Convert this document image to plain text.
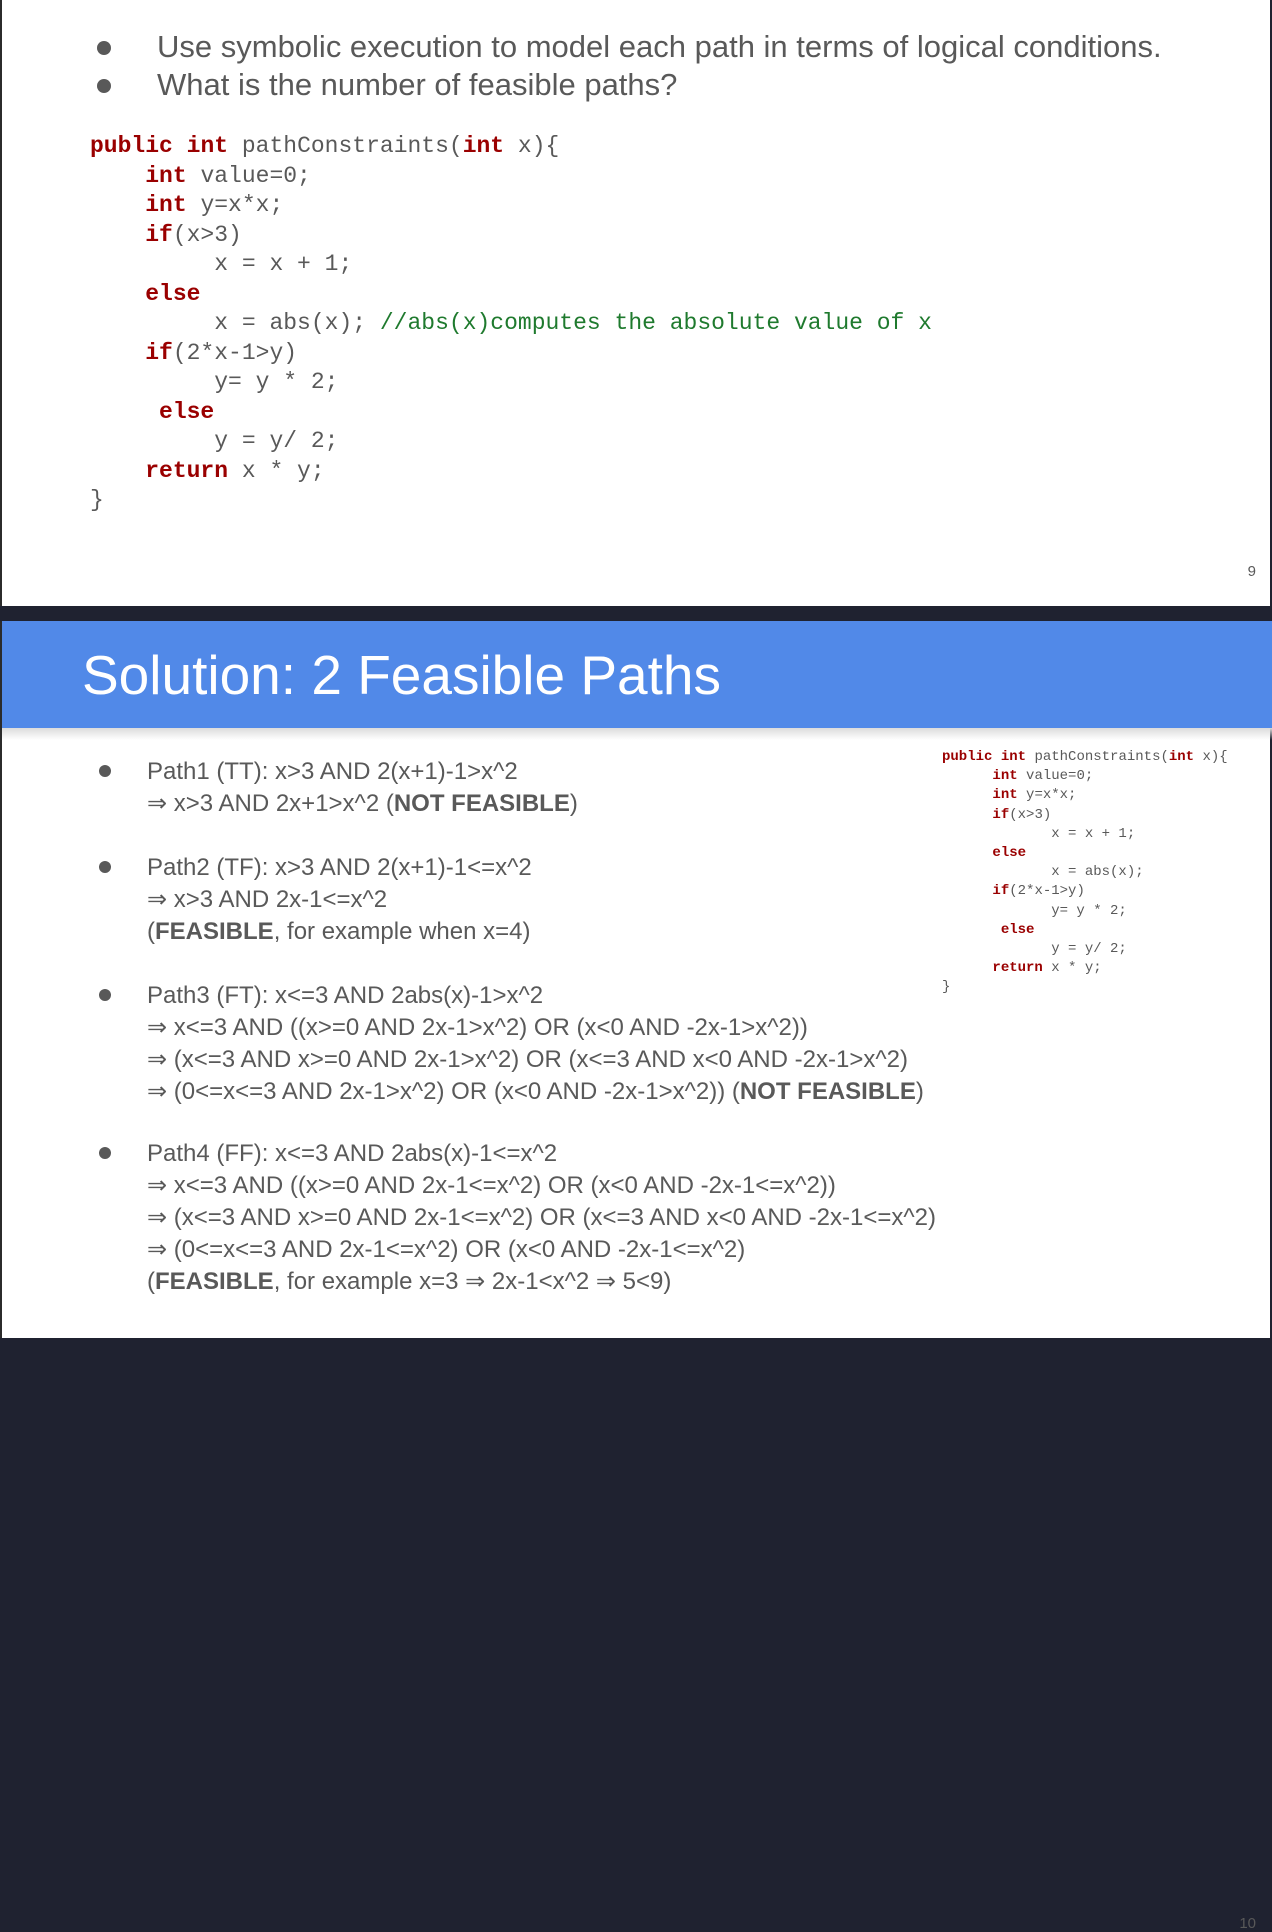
Use symbolic execution to model each path in terms of logical conditions.
What is the number of feasible paths?
public int pathConstraints(int x){
int value=0;
int y=x*x;
if(x>3)
x = x + 1;
else
x = abs(x); //abs(x)computes the absolute value of x
if(2*x-1>y)
y= y * 2;
else
y = y/ 2;
return x * y;
}
9
Solution: 2 Feasible Paths
Path1 (TT): x>3 AND 2(x+1)-1>x^2
⇒ x>3 AND 2x+1>x^2 (NOT FEASIBLE)
Path2 (TF): x>3 AND 2(x+1)-1<=x^2
⇒ x>3 AND 2x-1<=x^2
(FEASIBLE, for example when x=4)
Path3 (FT): x<=3 AND 2abs(x)-1>x^2
⇒ x<=3 AND ((x>=0 AND 2x-1>x^2) OR (x<0 AND -2x-1>x^2))
⇒ (x<=3 AND x>=0 AND 2x-1>x^2) OR (x<=3 AND x<0 AND -2x-1>x^2)
⇒ (0<=x<=3 AND 2x-1>x^2) OR (x<0 AND -2x-1>x^2)) (NOT FEASIBLE)
Path4 (FF): x<=3 AND 2abs(x)-1<=x^2
⇒ x<=3 AND ((x>=0 AND 2x-1<=x^2) OR (x<0 AND -2x-1<=x^2))
⇒ (x<=3 AND x>=0 AND 2x-1<=x^2) OR (x<=3 AND x<0 AND -2x-1<=x^2)
⇒ (0<=x<=3 AND 2x-1<=x^2) OR (x<0 AND -2x-1<=x^2)
(FEASIBLE, for example x=3 ⇒ 2x-1<x^2 ⇒ 5<9)
public int pathConstraints(int x){
int value=0;
int y=x*x;
if(x>3)
x = x + 1;
else
x = abs(x);
if(2*x-1>y)
y= y * 2;
else
y = y/ 2;
return x * y;
}
10
